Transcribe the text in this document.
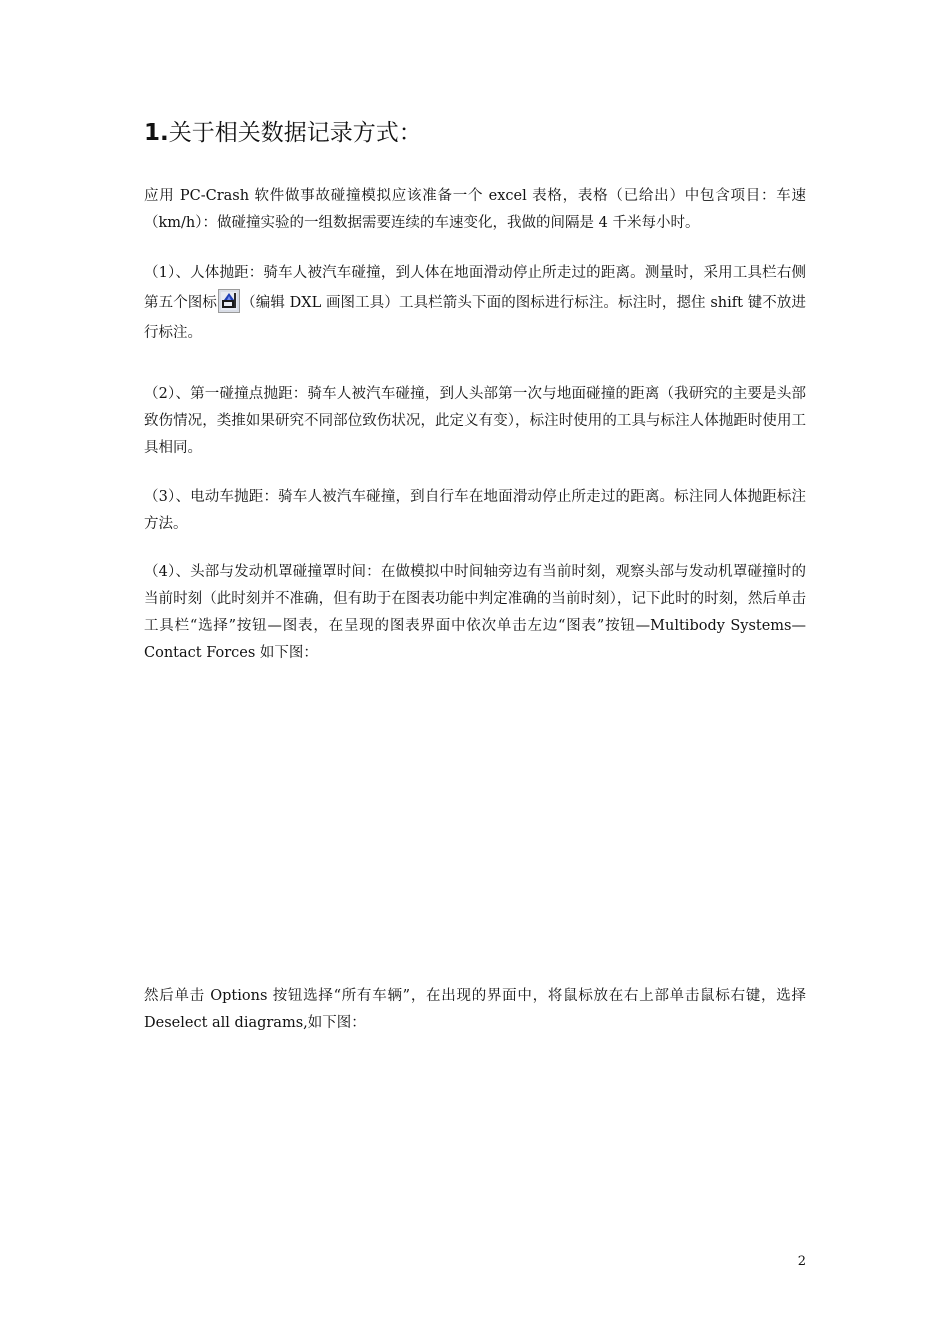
1.关于相关数据记录方式：

应用 PC-Crash 软件做事故碰撞模拟应该准备一个 excel 表格，表格（已给出）中包含项目：车速（km/h）：做碰撞实验的一组数据需要连续的车速变化，我做的间隔是 4 千米每小时。

（1）、人体抛距：骑车人被汽车碰撞，到人体在地面滑动停止所走过的距离。测量时，采用工具栏右侧第五个图标 （编辑 DXL 画图工具）工具栏箭头下面的图标进行标注。标注时，摁住 shift 键不放进行标注。

（2）、第一碰撞点抛距：骑车人被汽车碰撞，到人头部第一次与地面碰撞的距离（我研究的主要是头部致伤情况，类推如果研究不同部位致伤状况，此定义有变），标注时使用的工具与标注人体抛距时使用工具相同。

（3）、电动车抛距：骑车人被汽车碰撞，到自行车在地面滑动停止所走过的距离。标注同人体抛距标注方法。

（4）、头部与发动机罩碰撞罩时间：在做模拟中时间轴旁边有当前时刻，观察头部与发动机罩碰撞时的当前时刻（此时刻并不准确，但有助于在图表功能中判定准确的当前时刻），记下此时的时刻，然后单击工具栏“选择”按钮—图表，在呈现的图表界面中依次单击左边“图表”按钮—Multibody Systems—Contact Forces 如下图：

然后单击 Options 按钮选择“所有车辆”，在出现的界面中，将鼠标放在右上部单击鼠标右键，选择 Deselect all diagrams,如下图：

2
